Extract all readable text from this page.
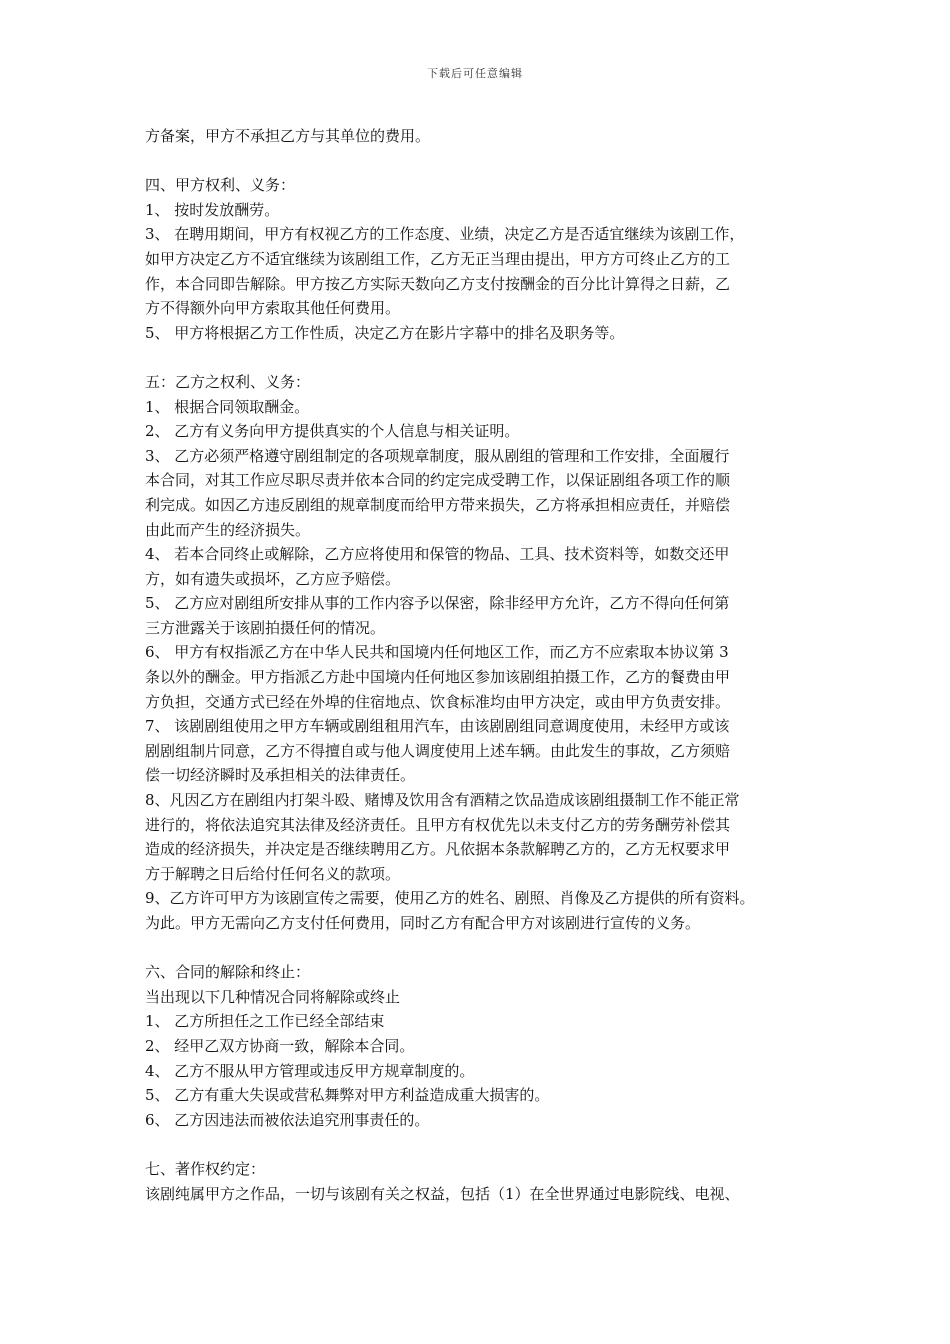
下载后可任意编辑
方备案，甲方不承担乙方与其单位的费用。
四、甲方权利、义务：
1、 按时发放酬劳。
3、 在聘用期间，甲方有权视乙方的工作态度、业绩，决定乙方是否适宜继续为该剧工作，
如甲方决定乙方不适宜继续为该剧组工作，乙方无正当理由提出，甲方方可终止乙方的工
作，本合同即告解除。甲方按乙方实际天数向乙方支付按酬金的百分比计算得之日薪，乙
方不得额外向甲方索取其他任何费用。
5、 甲方将根据乙方工作性质，决定乙方在影片字幕中的排名及职务等。
五：乙方之权利、义务：
1、 根据合同领取酬金。
2、 乙方有义务向甲方提供真实的个人信息与相关证明。
3、 乙方必须严格遵守剧组制定的各项规章制度，服从剧组的管理和工作安排，全面履行
本合同，对其工作应尽职尽责并依本合同的约定完成受聘工作，以保证剧组各项工作的顺
利完成。如因乙方违反剧组的规章制度而给甲方带来损失，乙方将承担相应责任，并赔偿
由此而产生的经济损失。
4、 若本合同终止或解除，乙方应将使用和保管的物品、工具、技术资料等，如数交还甲
方，如有遗失或损坏，乙方应予赔偿。
5、 乙方应对剧组所安排从事的工作内容予以保密，除非经甲方允许，乙方不得向任何第
三方泄露关于该剧拍摄任何的情况。
6、 甲方有权指派乙方在中华人民共和国境内任何地区工作，而乙方不应索取本协议第 3
条以外的酬金。甲方指派乙方赴中国境内任何地区参加该剧组拍摄工作，乙方的餐费由甲
方负担，交通方式已经在外埠的住宿地点、饮食标准均由甲方决定，或由甲方负责安排。
7、 该剧剧组使用之甲方车辆或剧组租用汽车，由该剧剧组同意调度使用，未经甲方或该
剧剧组制片同意，乙方不得擅自或与他人调度使用上述车辆。由此发生的事故，乙方须赔
偿一切经济瞬时及承担相关的法律责任。
8、凡因乙方在剧组内打架斗殴、赌博及饮用含有酒精之饮品造成该剧组摄制工作不能正常
进行的，将依法追究其法律及经济责任。且甲方有权优先以未支付乙方的劳务酬劳补偿其
造成的经济损失，并决定是否继续聘用乙方。凡依据本条款解聘乙方的，乙方无权要求甲
方于解聘之日后给付任何名义的款项。
9、乙方许可甲方为该剧宣传之需要，使用乙方的姓名、剧照、肖像及乙方提供的所有资料。
为此。甲方无需向乙方支付任何费用，同时乙方有配合甲方对该剧进行宣传的义务。
六、合同的解除和终止：
当出现以下几种情况合同将解除或终止
1、 乙方所担任之工作已经全部结束
2、 经甲乙双方协商一致，解除本合同。
4、 乙方不服从甲方管理或违反甲方规章制度的。
5、 乙方有重大失误或营私舞弊对甲方利益造成重大损害的。
6、 乙方因违法而被依法追究刑事责任的。
七、著作权约定：
该剧纯属甲方之作品，一切与该剧有关之权益，包括（1）在全世界通过电影院线、电视、
